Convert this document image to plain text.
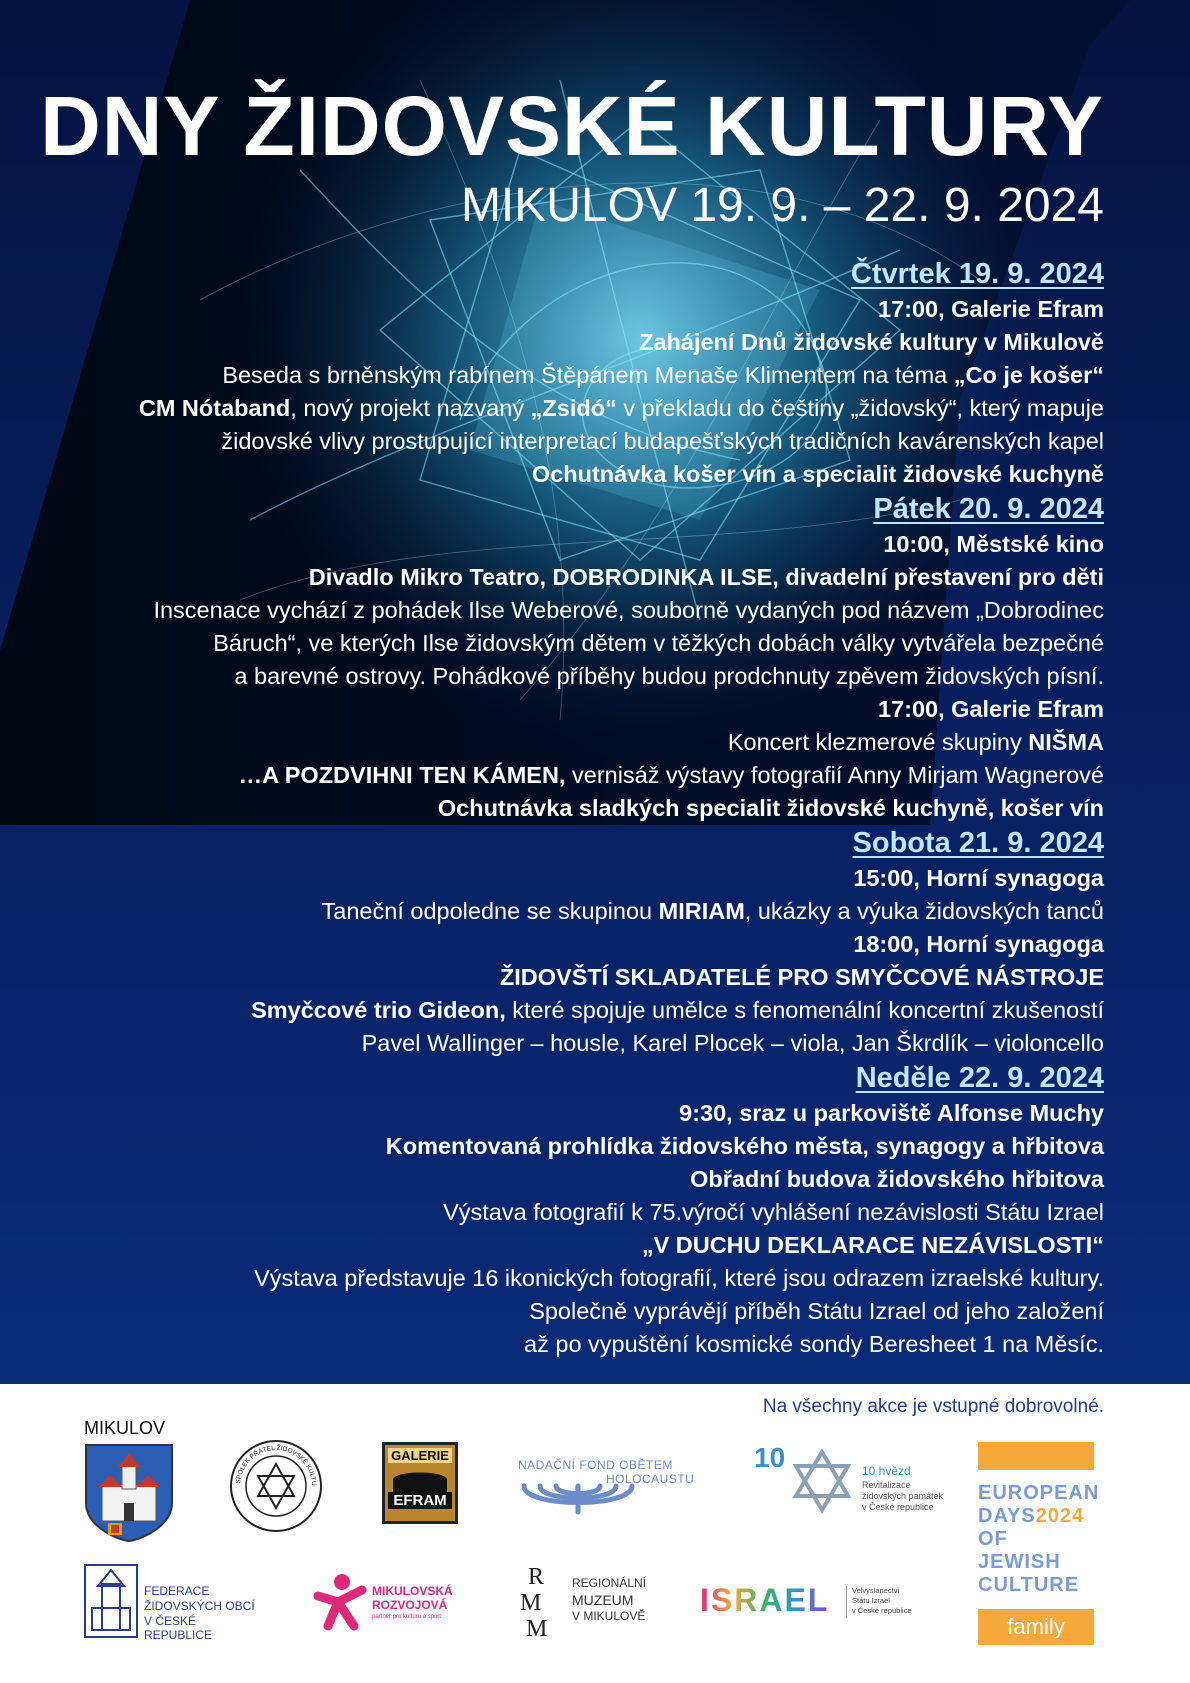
DNY ŽIDOVSKÉ KULTURY
MIKULOV 19. 9. – 22. 9. 2024
Čtvrtek 19. 9. 2024
17:00, Galerie Efram
Zahájení Dnů židovské kultury v Mikulově
Beseda s brněnským rabínem Štěpánem Menaše Klimentem na téma „Co je košer“
CM Nótaband, nový projekt nazvaný „Zsidó“ v překladu do češtiny „židovský“, který mapuje
židovské vlivy prostupující interpretací budapešťských tradičních kavárenských kapel
Ochutnávka košer vín a specialit židovské kuchyně
Pátek 20. 9. 2024
10:00, Městské kino
Divadlo Mikro Teatro, DOBRODINKA ILSE, divadelní přestavení pro děti
Inscenace vychází z pohádek Ilse Weberové, souborně vydaných pod názvem „Dobrodinec
Báruch“, ve kterých Ilse židovským dětem v těžkých dobách války vytvářela bezpečné
a barevné ostrovy. Pohádkové příběhy budou prodchnuty zpěvem židovských písní.
17:00, Galerie Efram
Koncert klezmerové skupiny NIŠMA
…A POZDVIHNI TEN KÁMEN, vernisáž výstavy fotografií Anny Mirjam Wagnerové
Ochutnávka sladkých specialit židovské kuchyně, košer vín
Sobota 21. 9. 2024
15:00, Horní synagoga
Taneční odpoledne se skupinou MIRIAM, ukázky a výuka židovských tanců
18:00, Horní synagoga
ŽIDOVŠTÍ SKLADATELÉ PRO SMYČCOVÉ NÁSTROJE
Smyčcové trio Gideon, které spojuje umělce s fenomenální koncertní zkušeností
Pavel Wallinger – housle, Karel Plocek – viola, Jan Škrdlík – violoncello
Neděle 22. 9. 2024
9:30, sraz u parkoviště Alfonse Muchy
Komentovaná prohlídka židovského města, synagogy a hřbitova
Obřadní budova židovského hřbitova
Výstava fotografií k 75.výročí vyhlášení nezávislosti Státu Izrael
„V DUCHU DEKLARACE NEZÁVISLOSTI“
Výstava představuje 16 ikonických fotografií, které jsou odrazem izraelské kultury.
Společně vyprávějí příběh Státu Izrael od jeho založení
až po vypuštění kosmické sondy Beresheet 1 na Měsíc.
Na všechny akce je vstupné dobrovolné.
MIKULOV
SPOLEK PŘÁTEL ŽIDOVSKÉ KULTU
GALERIE
EFRAM
NADAČNÍ FOND OBĚTEM
HOLOCAUSTU
10	10 hvězd
Revitalizace
židovských památek
v České republice
EUROPEAN
DAYS2024
OF JEWISH
CULTURE
family
FEDERACE
ŽIDOVSKÝCH OBCÍ
V ČESKÉ REPUBLICE
MIKULOVSKÁ
ROZVOJOVÁ
partner pro kulturu a sport
R
M
M
REGIONÁLNÍ
MUZEUM
V MIKULOVĚ ISRAEL	Velvyslanectví
Státu Izrael
v České republice
